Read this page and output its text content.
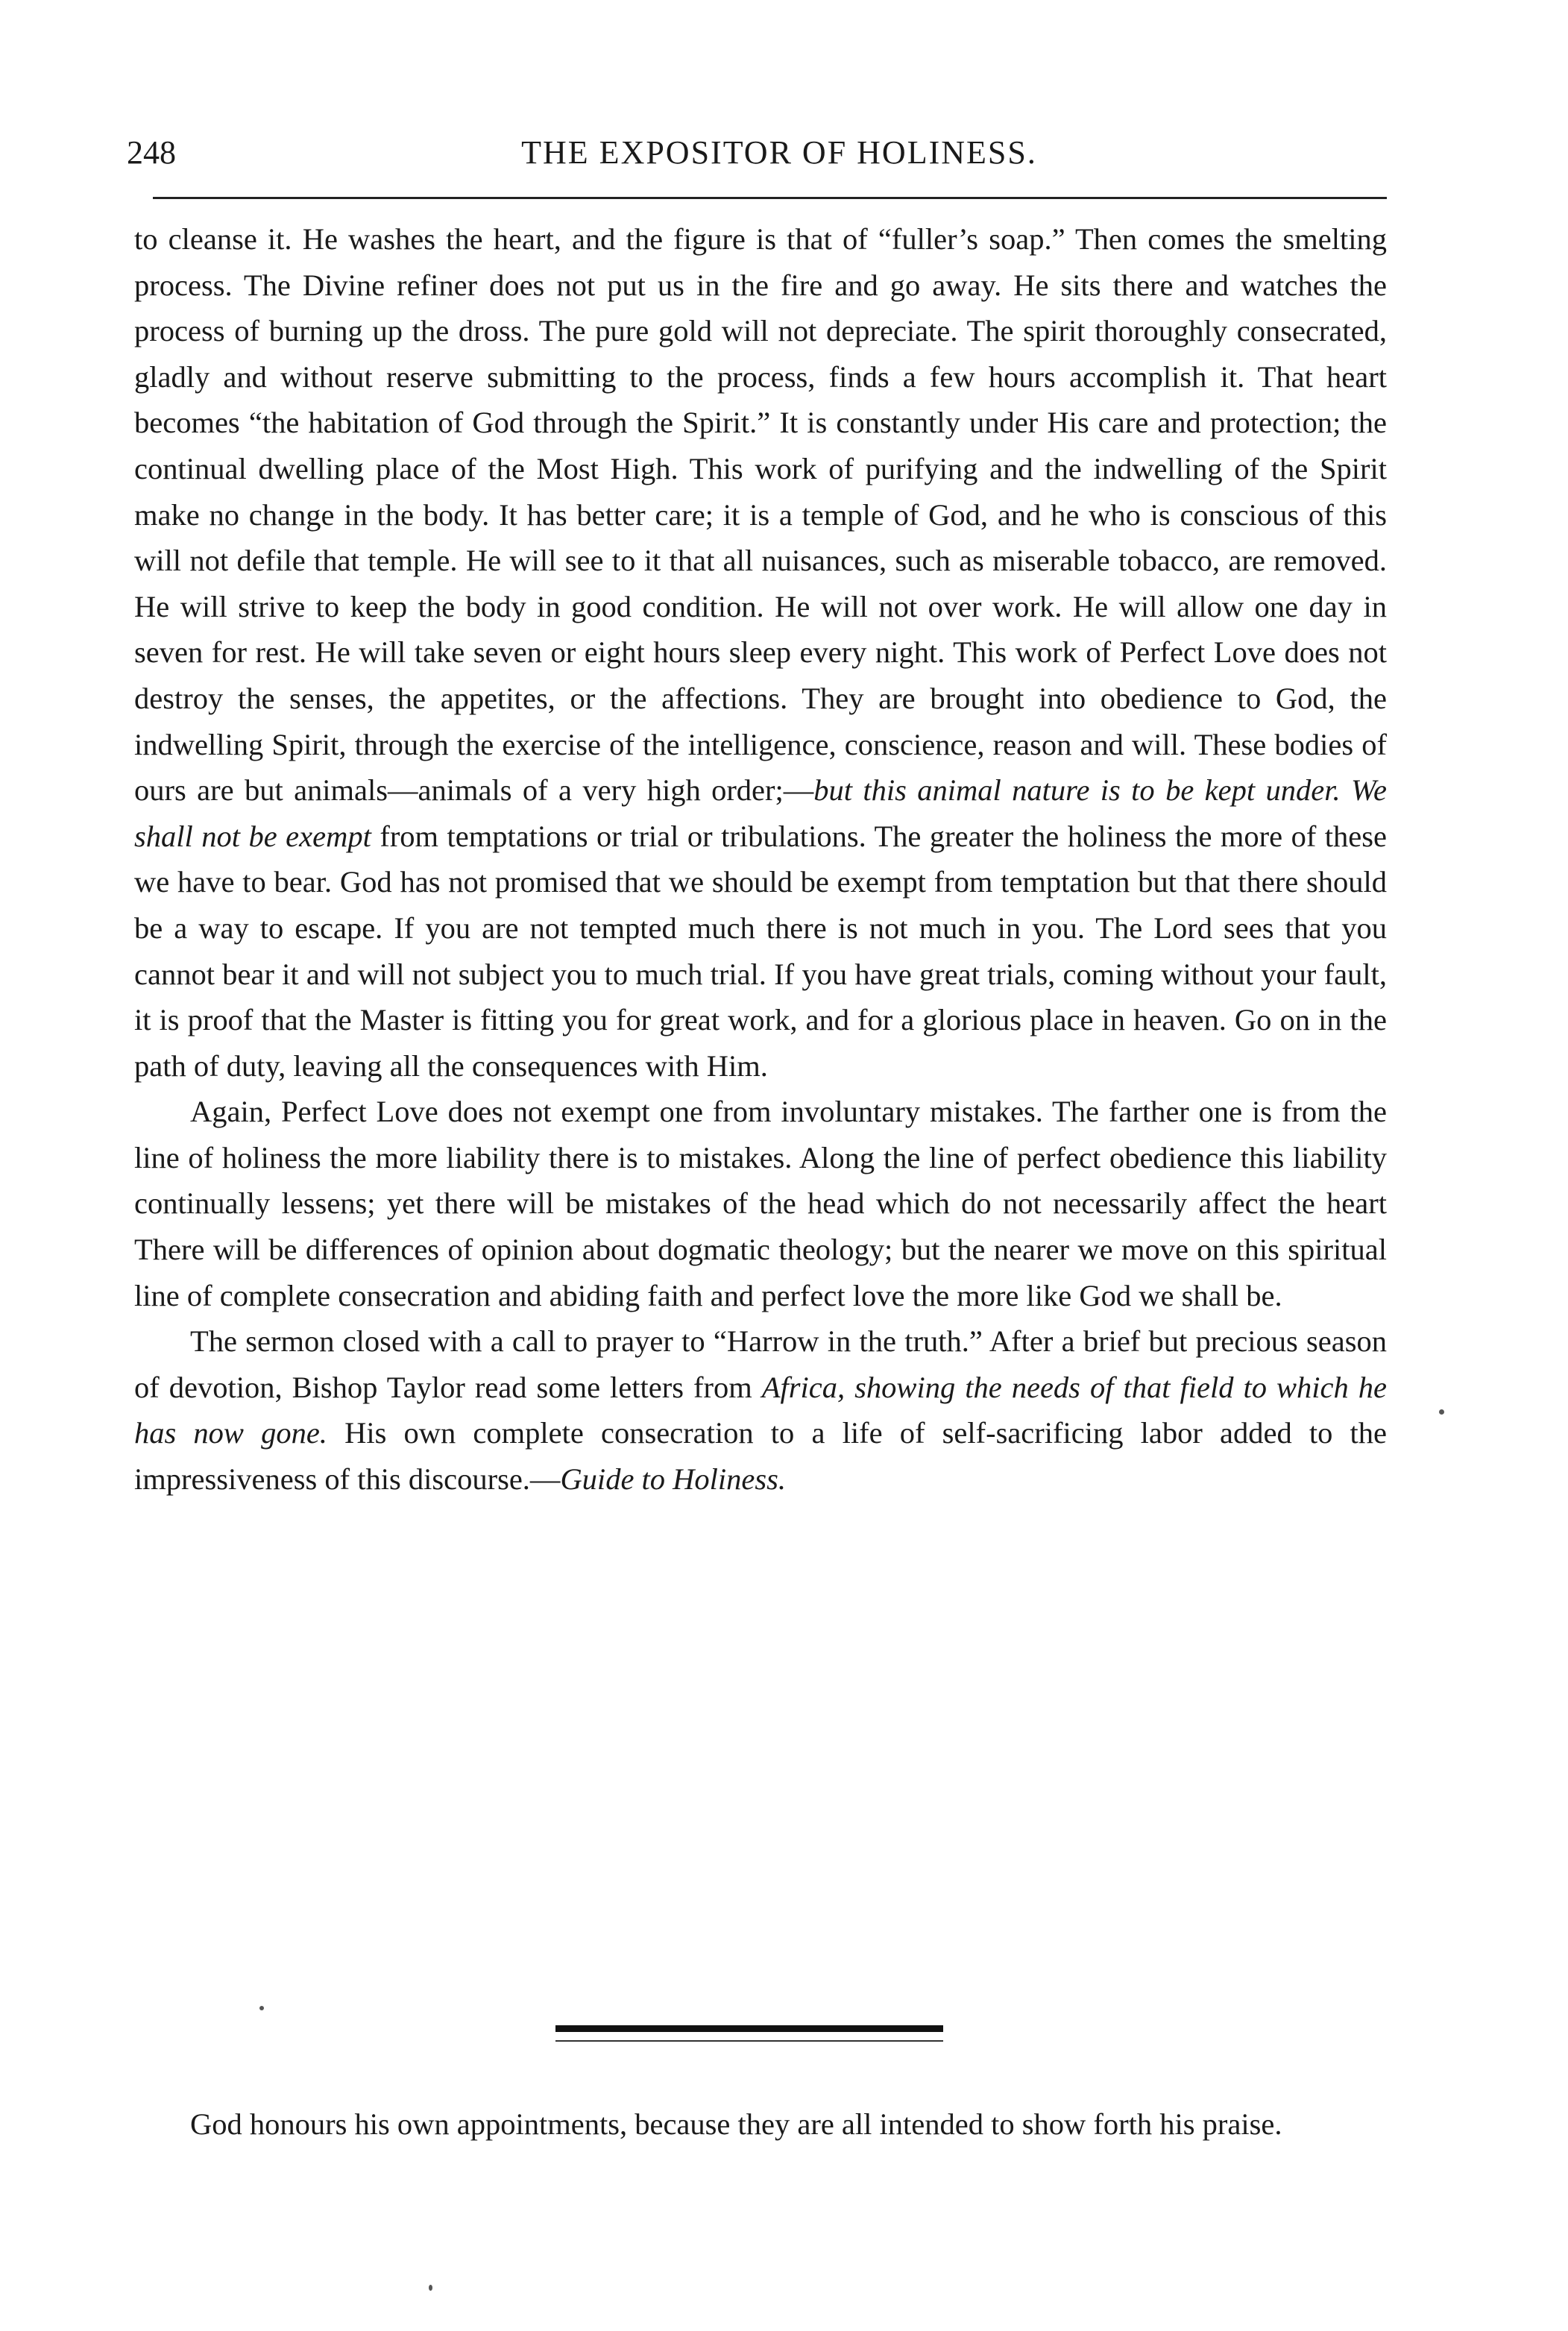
248	THE EXPOSITOR OF HOLINESS.

to cleanse it. He washes the heart, and the figure is that of “fuller’s soap.” Then comes the smelting process. The Divine refiner does not put us in the fire and go away. He sits there and watches the process of burning up the dross. The pure gold will not depreciate. The spirit thoroughly consecrated, gladly and without reserve submitting to the process, finds a few hours accomplish it. That heart becomes “the habitation of God through the Spirit.” It is constantly under His care and protection; the continual dwelling place of the Most High. This work of purifying and the indwelling of the Spirit make no change in the body. It has better care; it is a temple of God, and he who is conscious of this will not defile that temple. He will see to it that all nuisances, such as miserable tobacco, are removed. He will strive to keep the body in good condition. He will not over work. He will allow one day in seven for rest. He will take seven or eight hours sleep every night. This work of Perfect Love does not destroy the senses, the appetites, or the affections. They are brought into obedience to God, the indwelling Spirit, through the exercise of the intelligence, conscience, reason and will. These bodies of ours are but animals—animals of a very high order;—but this animal nature is to be kept under. We shall not be exempt from temptations or trial or tribulations. The greater the holiness the more of these we have to bear. God has not promised that we should be exempt from temptation but that there should be a way to escape. If you are not tempted much there is not much in you. The Lord sees that you cannot bear it and will not subject you to much trial. If you have great trials, coming without your fault, it is proof that the Master is fitting you for great work, and for a glorious place in heaven. Go on in the path of duty, leaving all the consequences with Him.

Again, Perfect Love does not exempt one from involuntary mistakes. The farther one is from the line of holiness the more liability there is to mistakes. Along the line of perfect obedience this liability continually lessens; yet there will be mistakes of the head which do not necessarily affect the heart There will be differences of opinion about dogmatic theology; but the nearer we move on this spiritual line of complete consecration and abiding faith and perfect love the more like God we shall be.

The sermon closed with a call to prayer to “Harrow in the truth.” After a brief but precious season of devotion, Bishop Taylor read some letters from Africa, showing the needs of that field to which he has now gone. His own complete consecration to a life of self-sacrificing labor added to the impressiveness of this discourse.—Guide to Holiness.

God honours his own appointments, because they are all intended to show forth his praise.
